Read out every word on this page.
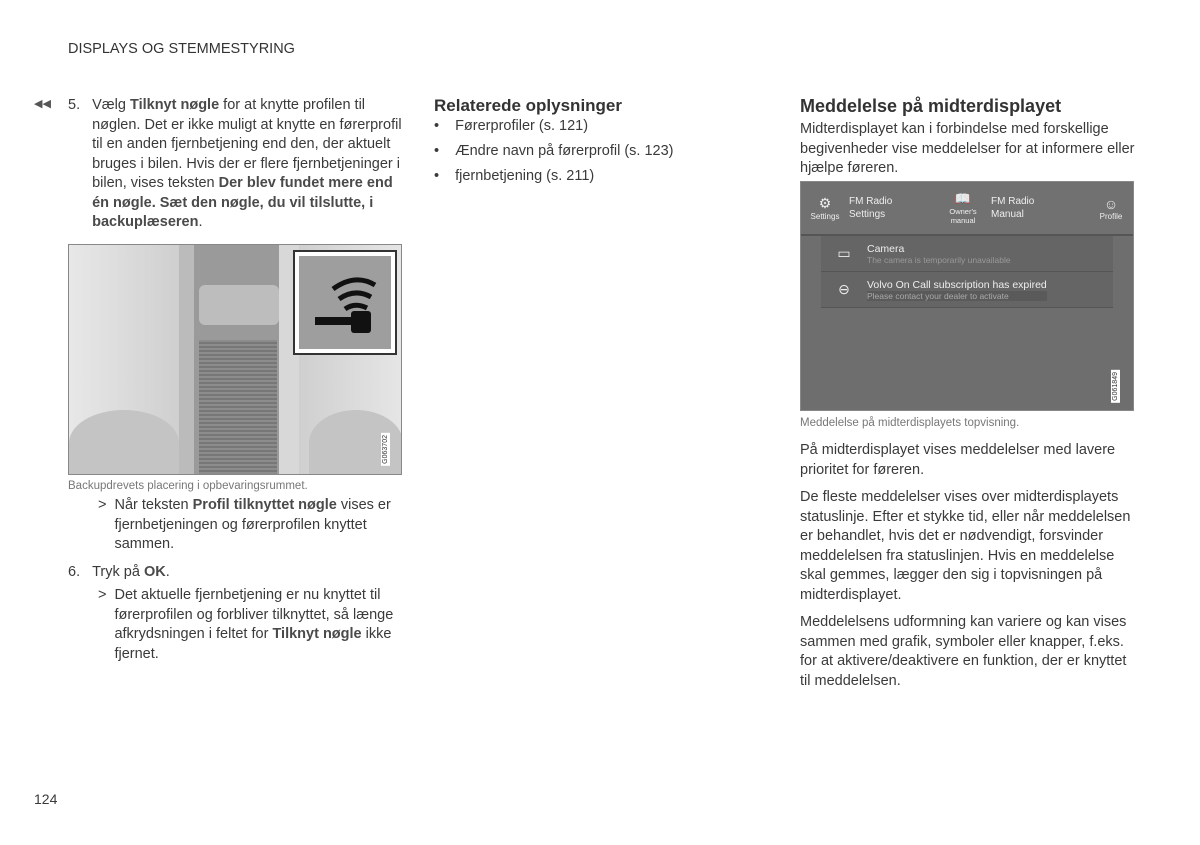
DISPLAYS OG STEMMESTYRING
◀◀ 5. Vælg Tilknyt nøgle for at knytte profilen til nøglen. Det er ikke muligt at knytte en førerprofil til en anden fjernbetjening end den, der aktuelt bruges i bilen. Hvis der er flere fjernbetjeninger i bilen, vises teksten Der blev fundet mere end én nøgle. Sæt den nøgle, du vil tilslutte, i backuplæseren.
G063702
Backupdrevets placering i opbevaringsrummet.
> Når teksten Profil tilknyttet nøgle vises er fjernbetjeningen og førerprofilen knyttet sammen.
6. Tryk på OK.
> Det aktuelle fjernbetjening er nu knyttet til førerprofilen og forbliver tilknyttet, så længe afkrydsningen i feltet for Tilknyt nøgle ikke fjernet.
Relaterede oplysninger
• Førerprofiler (s. 121)
• Ændre navn på førerprofil (s. 123)
• fjernbetjening (s. 211)
Meddelelse på midterdisplayet
Midterdisplayet kan i forbindelse med forskellige begivenheder vise meddelelser for at informere eller hjælpe føreren.
⚙
Settings
FM Radio
Settings
📖
Owner's manual
FM Radio
Manual
☺
Profile
▭	Camera
The camera is temporarily unavailable
⊖	Volvo On Call subscription has expired
Please contact your dealer to activate
G061849
Meddelelse på midterdisplayets topvisning.
På midterdisplayet vises meddelelser med lavere prioritet for føreren.
De fleste meddelelser vises over midterdisplayets statuslinje. Efter et stykke tid, eller når meddelelsen er behandlet, hvis det er nødvendigt, forsvinder meddelelsen fra statuslinjen. Hvis en meddelelse skal gemmes, lægger den sig i topvisningen på midterdisplayet.
Meddelelsens udformning kan variere og kan vises sammen med grafik, symboler eller knapper, f.eks. for at aktivere/deaktivere en funktion, der er knyttet til meddelelsen.
124
